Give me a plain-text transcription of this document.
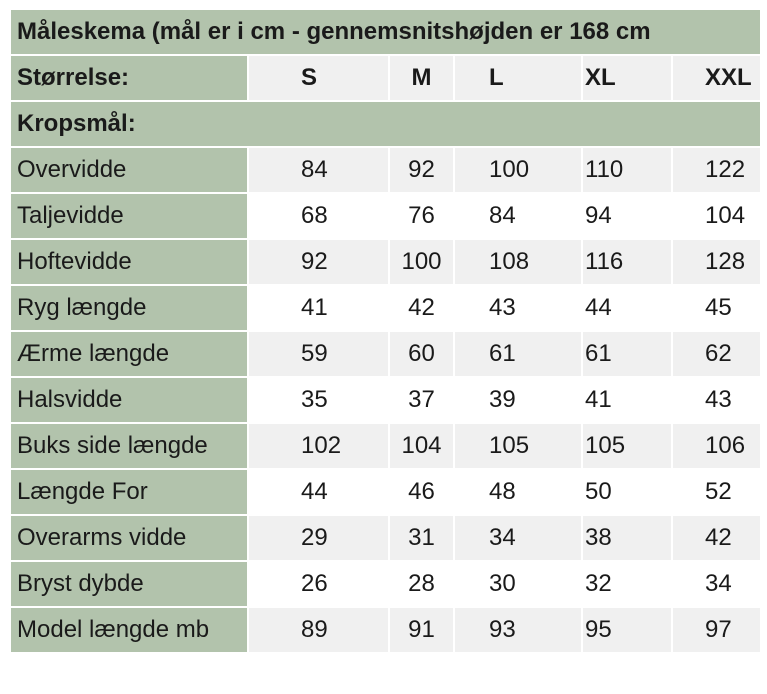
Måleskema (mål er i cm - gennemsnitshøjden er 168 cm					
Størrelse:	S	M	L	XL	XXL
Kropsmål:					
Overvidde	84	92	100	110	122
Taljevidde	68	76	84	94	104
Hoftevidde	92	100	108	116	128
Ryg længde	41	42	43	44	45
Ærme længde	59	60	61	61	62
Halsvidde	35	37	39	41	43
Buks side længde	102	104	105	105	106
Længde For	44	46	48	50	52
Overarms vidde	29	31	34	38	42
Bryst dybde	26	28	30	32	34
Model længde mb	89	91	93	95	97
